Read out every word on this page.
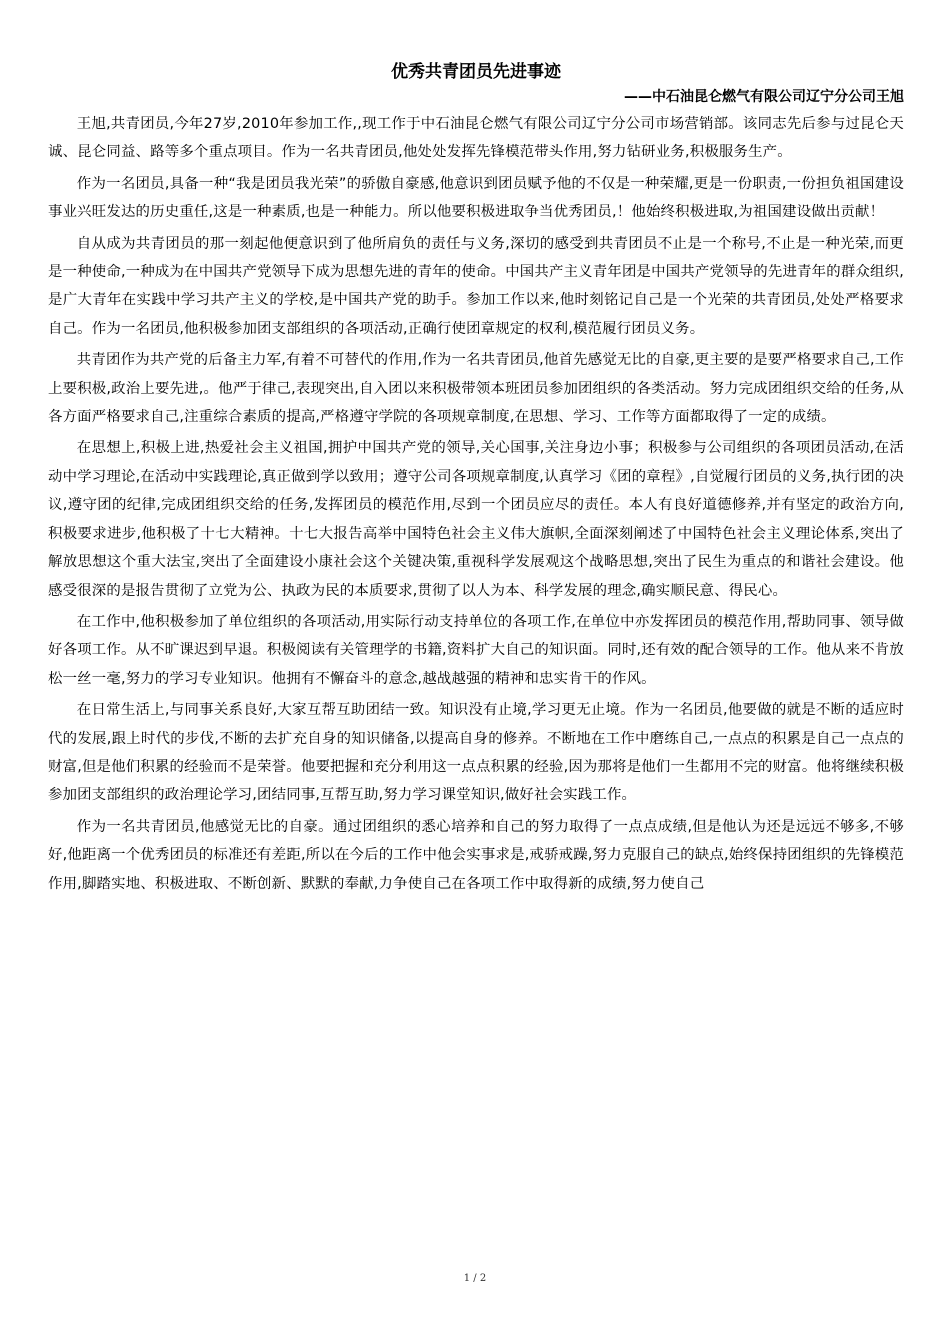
优秀共青团员先进事迹

——中石油昆仑燃气有限公司辽宁分公司王旭

王旭,共青团员,今年27岁,2010年参加工作,,现工作于中石油昆仑燃气有限公司辽宁分公司市场营销部。该同志先后参与过昆仑天诚、昆仑同益、路等多个重点项目。作为一名共青团员,他处处发挥先锋模范带头作用,努力钻研业务,积极服务生产。

作为一名团员,具备一种“我是团员我光荣”的骄傲自豪感,他意识到团员赋予他的不仅是一种荣耀,更是一份职责,一份担负祖国建设事业兴旺发达的历史重任,这是一种素质,也是一种能力。所以他要积极进取争当优秀团员,！他始终积极进取,为祖国建设做出贡献！

自从成为共青团员的那一刻起他便意识到了他所肩负的责任与义务,深切的感受到共青团员不止是一个称号,不止是一种光荣,而更是一种使命,一种成为在中国共产党领导下成为思想先进的青年的使命。中国共产主义青年团是中国共产党领导的先进青年的群众组织,是广大青年在实践中学习共产主义的学校,是中国共产党的助手。参加工作以来,他时刻铭记自己是一个光荣的共青团员,处处严格要求自己。作为一名团员,他积极参加团支部组织的各项活动,正确行使团章规定的权利,模范履行团员义务。

共青团作为共产党的后备主力军,有着不可替代的作用,作为一名共青团员,他首先感觉无比的自豪,更主要的是要严格要求自己,工作上要积极,政治上要先进,。他严于律己,表现突出,自入团以来积极带领本班团员参加团组织的各类活动。努力完成团组织交给的任务,从各方面严格要求自己,注重综合素质的提高,严格遵守学院的各项规章制度,在思想、学习、工作等方面都取得了一定的成绩。

在思想上,积极上进,热爱社会主义祖国,拥护中国共产党的领导,关心国事,关注身边小事；积极参与公司组织的各项团员活动,在活动中学习理论,在活动中实践理论,真正做到学以致用；遵守公司各项规章制度,认真学习《团的章程》,自觉履行团员的义务,执行团的决议,遵守团的纪律,完成团组织交给的任务,发挥团员的模范作用,尽到一个团员应尽的责任。本人有良好道德修养,并有坚定的政治方向,积极要求进步,他积极了十七大精神。十七大报告高举中国特色社会主义伟大旗帜,全面深刻阐述了中国特色社会主义理论体系,突出了解放思想这个重大法宝,突出了全面建设小康社会这个关键决策,重视科学发展观这个战略思想,突出了民生为重点的和谐社会建设。他感受很深的是报告贯彻了立党为公、执政为民的本质要求,贯彻了以人为本、科学发展的理念,确实顺民意、得民心。

在工作中,他积极参加了单位组织的各项活动,用实际行动支持单位的各项工作,在单位中亦发挥团员的模范作用,帮助同事、领导做好各项工作。从不旷课迟到早退。积极阅读有关管理学的书籍,资料扩大自己的知识面。同时,还有效的配合领导的工作。他从来不肯放松一丝一毫,努力的学习专业知识。他拥有不懈奋斗的意念,越战越强的精神和忠实肯干的作风。

在日常生活上,与同事关系良好,大家互帮互助团结一致。知识没有止境,学习更无止境。作为一名团员,他要做的就是不断的适应时代的发展,跟上时代的步伐,不断的去扩充自身的知识储备,以提高自身的修养。不断地在工作中磨练自己,一点点的积累是自己一点点的财富,但是他们积累的经验而不是荣誉。他要把握和充分利用这一点点积累的经验,因为那将是他们一生都用不完的财富。他将继续积极参加团支部组织的政治理论学习,团结同事,互帮互助,努力学习课堂知识,做好社会实践工作。

作为一名共青团员,他感觉无比的自豪。通过团组织的悉心培养和自己的努力取得了一点点成绩,但是他认为还是远远不够多,不够好,他距离一个优秀团员的标准还有差距,所以在今后的工作中他会实事求是,戒骄戒躁,努力克服自己的缺点,始终保持团组织的先锋模范作用,脚踏实地、积极进取、不断创新、默默的奉献,力争使自己在各项工作中取得新的成绩,努力使自己

1 / 2
